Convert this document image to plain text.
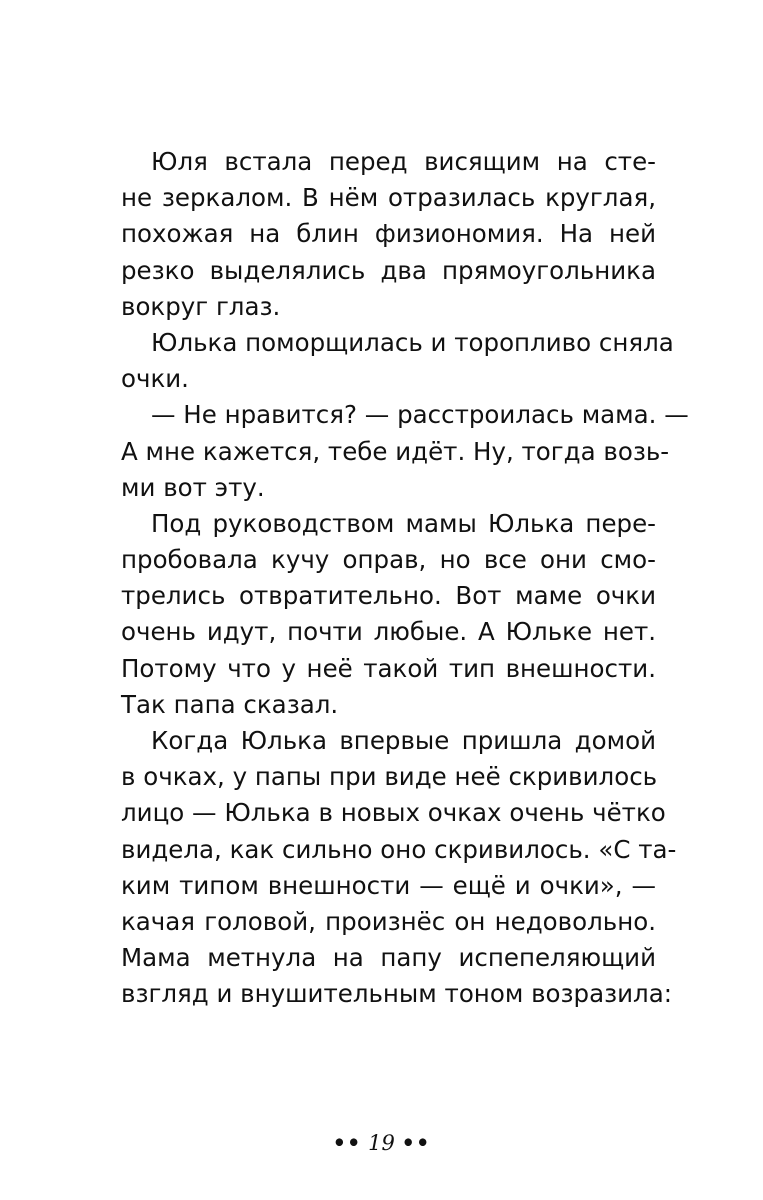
Юля встала перед висящим на сте-
не зеркалом. В нём отразилась круглая,
похожая на блин физиономия. На ней
резко выделялись два прямоугольника
вокруг глаз.
Юлька поморщилась и торопливо сняла
очки.
— Не нравится? — расстроилась мама. —
А мне кажется, тебе идёт. Ну, тогда возь-
ми вот эту.
Под руководством мамы Юлька пере-
пробовала кучу оправ, но все они смо-
трелись отвратительно. Вот маме очки
очень идут, почти любые. А Юльке нет.
Потому что у неё такой тип внешности.
Так папа сказал.
Когда Юлька впервые пришла домой
в очках, у папы при виде неё скривилось
лицо — Юлька в новых очках очень чётко
видела, как сильно оно скривилось. «С та-
ким типом внешности — ещё и очки», —
качая головой, произнёс он недовольно.
Мама метнула на папу испепеляющий
взгляд и внушительным тоном возразила:
•• 19 ••
